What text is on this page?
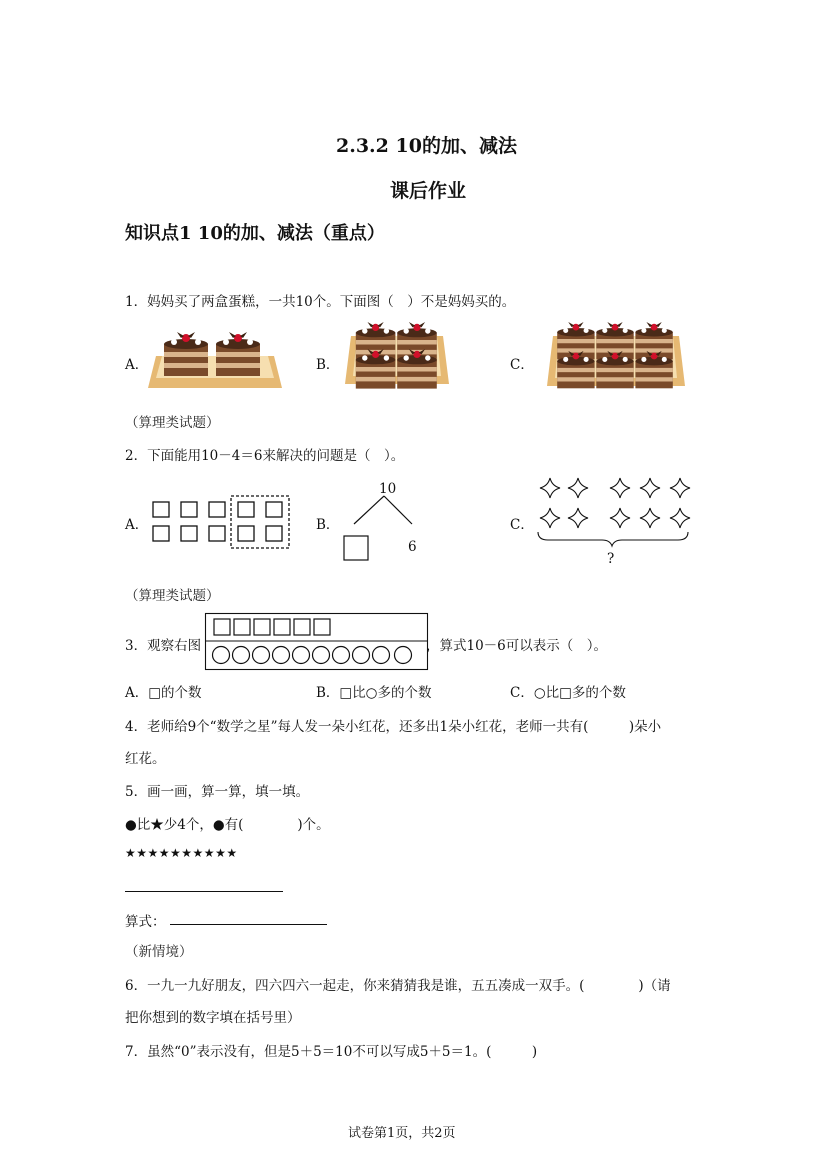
2.3.2 10的加、减法
课后作业
知识点1 10的加、减法（重点）
1．妈妈买了两盒蛋糕，一共10个。下面图（　）不是妈妈买的。
A．	B．	C．
（算理类试题）
2．下面能用10－4＝6来解决的问题是（　）。
A．	B．	C．
10
6
?
（算理类试题）
3．观察右图	，算式10－6可以表示（　）。
A．□的个数	B．□比○多的个数	C．○比□多的个数
4．老师给9个“数学之星”每人发一朵小红花，还多出1朵小红花，老师一共有(　　　)朵小
红花。
5．画一画，算一算，填一填。
●比★少4个，●有(　　　　)个。
★★★★★★★★★★
算式：
（新情境）
6．一九一九好朋友，四六四六一起走，你来猜猜我是谁，五五凑成一双手。(　　　　)（请
把你想到的数字填在括号里）
7．虽然“0”表示没有，但是5＋5＝10不可以写成5＋5＝1。(　　　)
试卷第1页，共2页
